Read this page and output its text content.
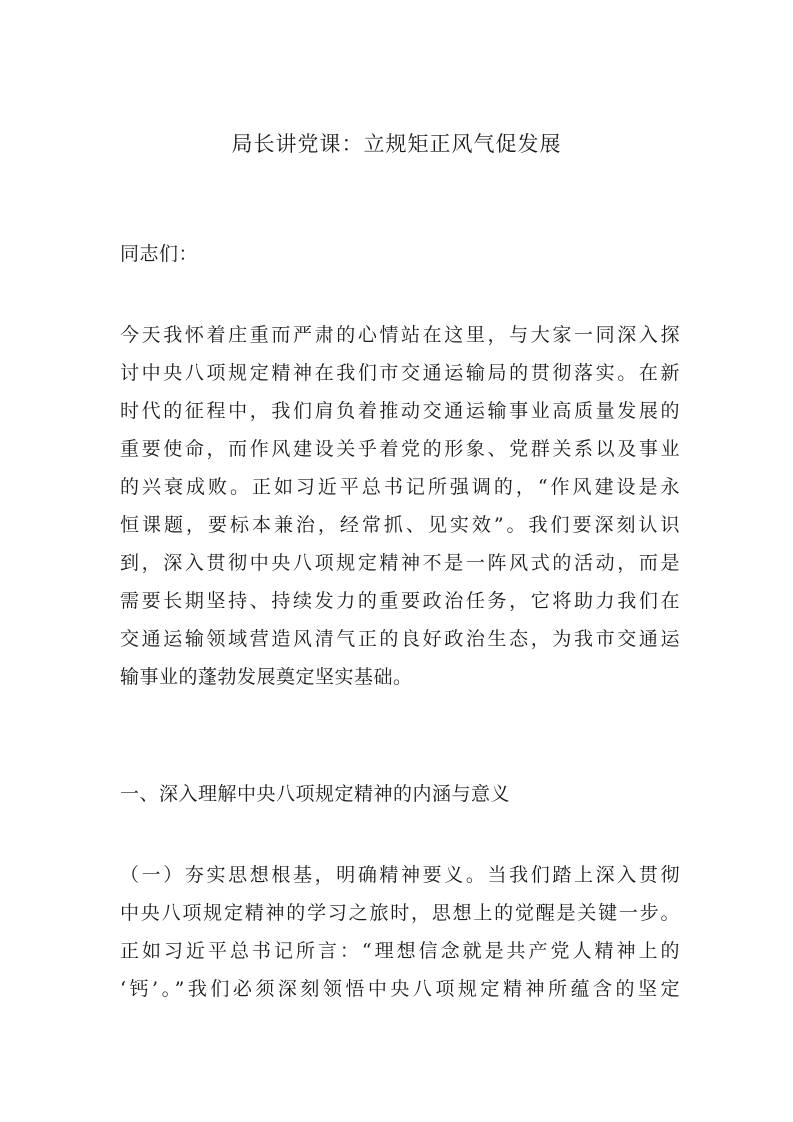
局长讲党课：立规矩正风气促发展
同志们：
今天我怀着庄重而严肃的心情站在这里，与大家一同深入探
讨中央八项规定精神在我们市交通运输局的贯彻落实。在新
时代的征程中，我们肩负着推动交通运输事业高质量发展的
重要使命，而作风建设关乎着党的形象、党群关系以及事业
的兴衰成败。正如习近平总书记所强调的，“作风建设是永
恒课题，要标本兼治，经常抓、见实效”。我们要深刻认识
到，深入贯彻中央八项规定精神不是一阵风式的活动，而是
需要长期坚持、持续发力的重要政治任务，它将助力我们在
交通运输领域营造风清气正的良好政治生态，为我市交通运
输事业的蓬勃发展奠定坚实基础。
一、深入理解中央八项规定精神的内涵与意义
（一）夯实思想根基，明确精神要义。当我们踏上深入贯彻
中央八项规定精神的学习之旅时，思想上的觉醒是关键一步。
正如习近平总书记所言：“理想信念就是共产党人精神上的
‘钙’。”我们必须深刻领悟中央八项规定精神所蕴含的坚定
